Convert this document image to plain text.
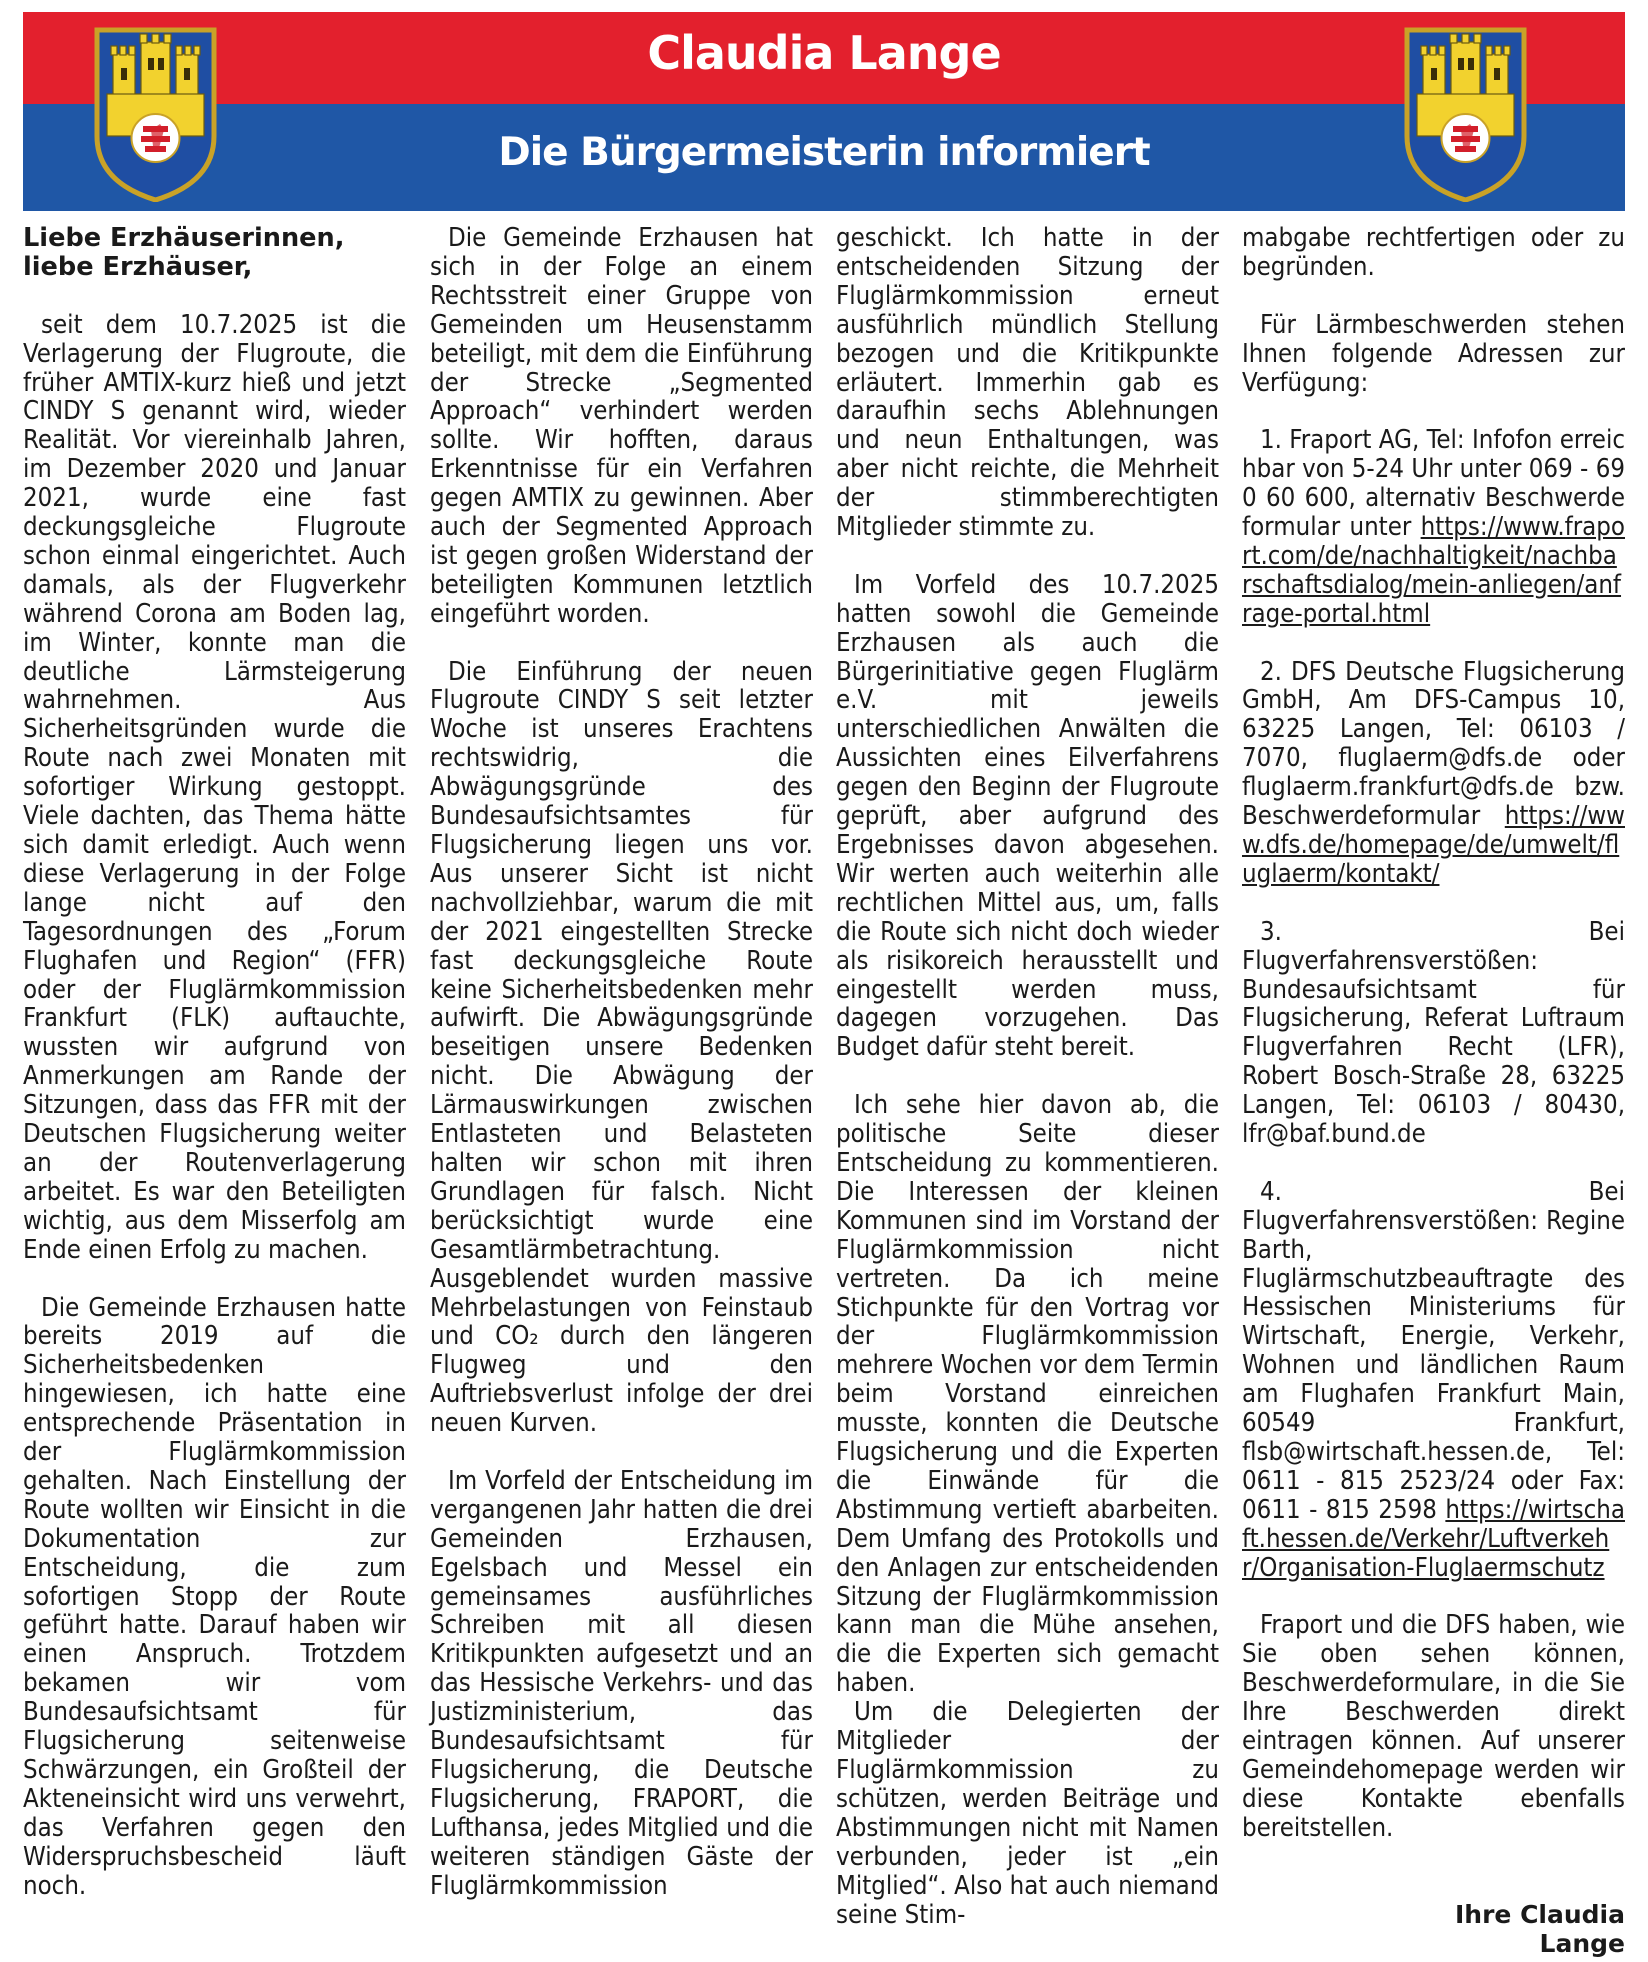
Claudia Lange
Die Bürgermeisterin informiert

Liebe Erzhäuserinnen,
liebe Erzhäuser,

seit dem 10.7.2025 ist die Verlagerung der Flugroute, die früher AMTIX-kurz hieß und jetzt CINDY S genannt wird, wieder Realität. Vor viereinhalb Jahren, im Dezember 2020 und Januar 2021, wurde eine fast deckungsgleiche Flugroute schon einmal eingerichtet. Auch damals, als der Flugverkehr während Corona am Boden lag, im Winter, konnte man die deutliche Lärmsteigerung wahrnehmen. Aus Sicherheitsgründen wurde die Route nach zwei Monaten mit sofortiger Wirkung gestoppt. Viele dachten, das Thema hätte sich damit erledigt. Auch wenn diese Verlagerung in der Folge lange nicht auf den Tagesordnungen des „Forum Flughafen und Region“ (FFR) oder der Fluglärmkommission Frankfurt (FLK) auftauchte, wussten wir aufgrund von Anmerkungen am Rande der Sitzungen, dass das FFR mit der Deutschen Flugsicherung weiter an der Routenverlagerung arbeitet. Es war den Beteiligten wichtig, aus dem Misserfolg am Ende einen Erfolg zu machen.

Die Gemeinde Erzhausen hatte bereits 2019 auf die Sicherheitsbedenken hingewiesen, ich hatte eine entsprechende Präsentation in der Fluglärmkommission gehalten. Nach Einstellung der Route wollten wir Einsicht in die Dokumentation zur Entscheidung, die zum sofortigen Stopp der Route geführt hatte. Darauf haben wir einen Anspruch. Trotzdem bekamen wir vom Bundesaufsichtsamt für Flugsicherung seitenweise Schwärzungen, ein Großteil der Akteneinsicht wird uns verwehrt, das Verfahren gegen den Widerspruchsbescheid läuft noch.

Die Gemeinde Erzhausen hat sich in der Folge an einem Rechtsstreit einer Gruppe von Gemeinden um Heusenstamm beteiligt, mit dem die Einführung der Strecke „Segmented Approach“ verhindert werden sollte. Wir hofften, daraus Erkenntnisse für ein Verfahren gegen AMTIX zu gewinnen. Aber auch der Segmented Approach ist gegen großen Widerstand der beteiligten Kommunen letztlich eingeführt worden.

Die Einführung der neuen Flugroute CINDY S seit letzter Woche ist unseres Erachtens rechtswidrig, die Abwägungsgründe des Bundesaufsichtsamtes für Flugsicherung liegen uns vor. Aus unserer Sicht ist nicht nachvollziehbar, warum die mit der 2021 eingestellten Strecke fast deckungsgleiche Route keine Sicherheitsbedenken mehr aufwirft. Die Abwägungsgründe beseitigen unsere Bedenken nicht. Die Abwägung der Lärmauswirkungen zwischen Entlasteten und Belasteten halten wir schon mit ihren Grundlagen für falsch. Nicht berücksichtigt wurde eine Gesamtlärmbetrachtung. Ausgeblendet wurden massive Mehrbelastungen von Feinstaub und CO₂ durch den längeren Flugweg und den Auftriebsverlust infolge der drei neuen Kurven.

Im Vorfeld der Entscheidung im vergangenen Jahr hatten die drei Gemeinden Erzhausen, Egelsbach und Messel ein gemeinsames ausführliches Schreiben mit all diesen Kritikpunkten aufgesetzt und an das Hessische Verkehrs- und das Justizministerium, das Bundesaufsichtsamt für Flugsicherung, die Deutsche Flugsicherung, FRAPORT, die Lufthansa, jedes Mitglied und die weiteren ständigen Gäste der Fluglärmkommission

geschickt. Ich hatte in der entscheidenden Sitzung der Fluglärmkommission erneut ausführlich mündlich Stellung bezogen und die Kritikpunkte erläutert. Immerhin gab es daraufhin sechs Ablehnungen und neun Enthaltungen, was aber nicht reichte, die Mehrheit der stimmberechtigten Mitglieder stimmte zu.

Im Vorfeld des 10.7.2025 hatten sowohl die Gemeinde Erzhausen als auch die Bürgerinitiative gegen Fluglärm e.V. mit jeweils unterschiedlichen Anwälten die Aussichten eines Eilverfahrens gegen den Beginn der Flugroute geprüft, aber aufgrund des Ergebnisses davon abgesehen. Wir werten auch weiterhin alle rechtlichen Mittel aus, um, falls die Route sich nicht doch wieder als risikoreich herausstellt und eingestellt werden muss, dagegen vorzugehen. Das Budget dafür steht bereit.

Ich sehe hier davon ab, die politische Seite dieser Entscheidung zu kommentieren. Die Interessen der kleinen Kommunen sind im Vorstand der Fluglärmkommission nicht vertreten. Da ich meine Stichpunkte für den Vortrag vor der Fluglärmkommission mehrere Wochen vor dem Termin beim Vorstand einreichen musste, konnten die Deutsche Flugsicherung und die Experten die Einwände für die Abstimmung vertieft abarbeiten. Dem Umfang des Protokolls und den Anlagen zur entscheidenden Sitzung der Fluglärmkommission kann man die Mühe ansehen, die die Experten sich gemacht haben.

Um die Delegierten der Mitglieder der Fluglärmkommission zu schützen, werden Beiträge und Abstimmungen nicht mit Namen verbunden, jeder ist „ein Mitglied“. Also hat auch niemand seine Stim-

mabgabe rechtfertigen oder zu begründen.

Für Lärmbeschwerden stehen Ihnen folgende Adressen zur Verfügung:

1. Fraport AG, Tel: Infofon erreichbar von 5-24 Uhr unter 069 - 690 60 600, alternativ Beschwerdeformular unter https://www.fraport.com/de/nachhaltigkeit/nachbarschaftsdialog/mein-anliegen/anfrage-portal.html

2. DFS Deutsche Flugsicherung GmbH, Am DFS-Campus 10, 63225 Langen, Tel: 06103 / 7070, fluglaerm@dfs.de oder fluglaerm.frankfurt@dfs.de bzw. Beschwerdeformular https://www.dfs.de/homepage/de/umwelt/fluglaerm/kontakt/

3. Bei Flugverfahrensverstößen: Bundesaufsichtsamt für Flugsicherung, Referat Luftraum Flugverfahren Recht (LFR), Robert Bosch-Straße 28, 63225 Langen, Tel: 06103 / 80430, lfr@baf.bund.de

4. Bei Flugverfahrensverstößen: Regine Barth, Fluglärmschutzbeauftragte des Hessischen Ministeriums für Wirtschaft, Energie, Verkehr, Wohnen und ländlichen Raum am Flughafen Frankfurt Main, 60549 Frankfurt, flsb@wirtschaft.hessen.de, Tel: 0611 - 815 2523/24 oder Fax: 0611 - 815 2598 https://wirtschaft.hessen.de/Verkehr/Luftverkehr/Organisation-Fluglaermschutz

Fraport und die DFS haben, wie Sie oben sehen können, Beschwerdeformulare, in die Sie Ihre Beschwerden direkt eintragen können. Auf unserer Gemeindehomepage werden wir diese Kontakte ebenfalls bereitstellen.

Ihre Claudia Lange
